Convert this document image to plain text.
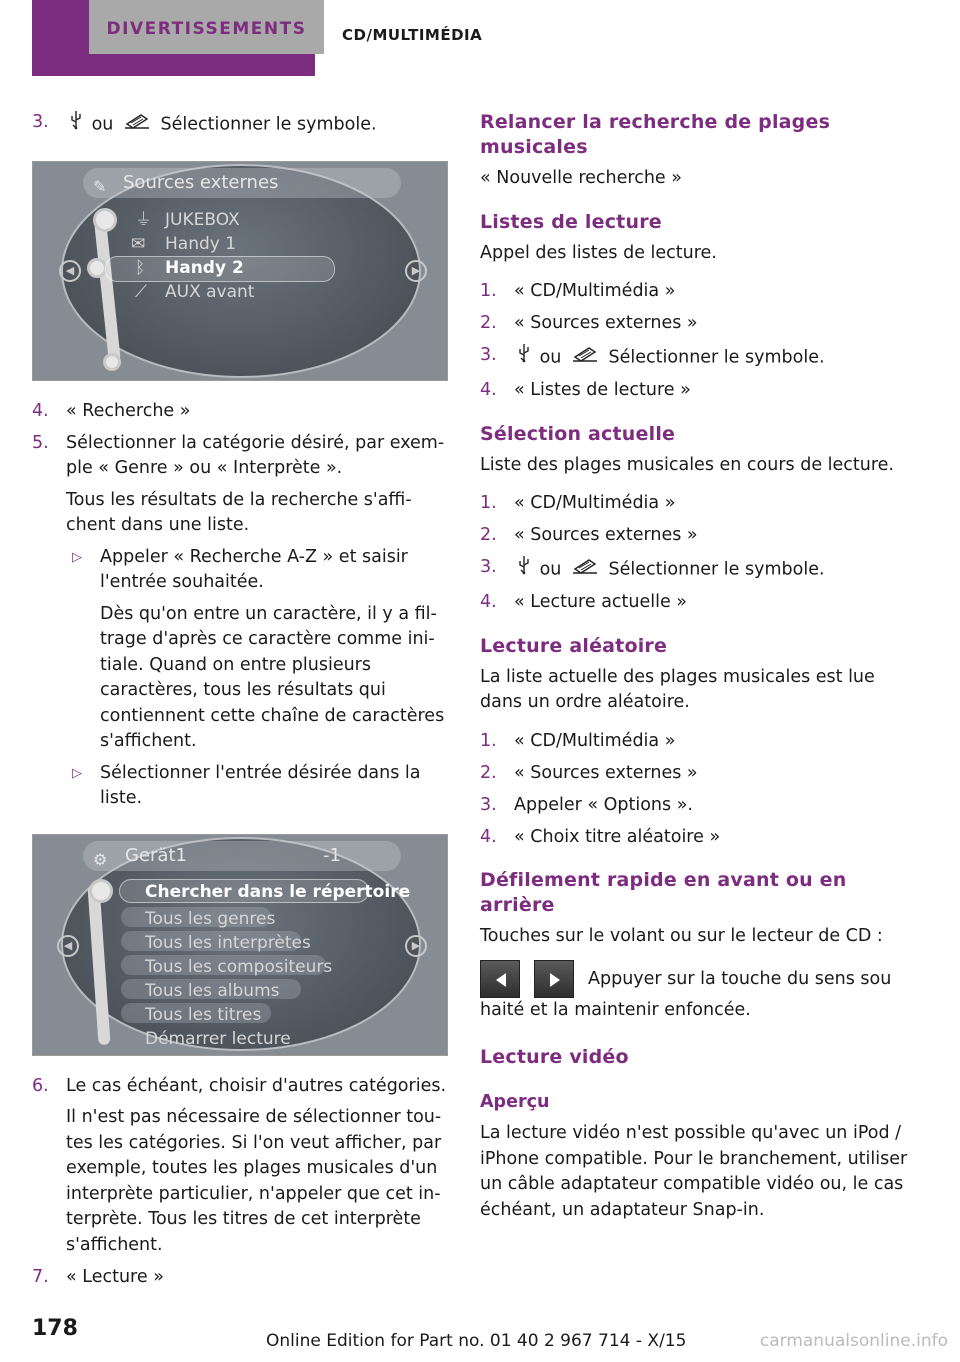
DIVERTISSEMENTS	CD/MULTIMÉDIA
3. ou	Sélectionner le symbole.
Sources externes
✎
⏚ JUKEBOX
✉ Handy 1
ᛒ Handy 2
⟋ AUX avant
◀	▶
4. « Recherche »
5. Sélectionner la catégorie désiré, par exemple « Genre » ou « Interprète ».
Tous les résultats de la recherche s'affichent dans une liste.
▷ Appeler « Recherche A-Z » et saisir l'entrée souhaitée.
Dès qu'on entre un caractère, il y a filtrage d'après ce caractère comme initiale. Quand on entre plusieurs caractères, tous les résultats qui contiennent cette chaîne de caractères s'affichent.
▷ Sélectionner l'entrée désirée dans la liste.
Gerät1	-1
⚙
Chercher dans le répertoire
Tous les genres
Tous les interprètes
Tous les compositeurs
Tous les albums
Tous les titres
Démarrer lecture
◀	▶
6. Le cas échéant, choisir d'autres catégories.
Il n'est pas nécessaire de sélectionner toutes les catégories. Si l'on veut afficher, par exemple, toutes les plages musicales d'un interprète particulier, n'appeler que cet interprète. Tous les titres de cet interprète s'affichent.
7. « Lecture »
Relancer la recherche de plages musicales
« Nouvelle recherche »
Listes de lecture
Appel des listes de lecture.
1. « CD/Multimédia »
2. « Sources externes »
3. ou	Sélectionner le symbole.
4. « Listes de lecture »
Sélection actuelle
Liste des plages musicales en cours de lecture.
1. « CD/Multimédia »
2. « Sources externes »
3. ou	Sélectionner le symbole.
4. « Lecture actuelle »
Lecture aléatoire
La liste actuelle des plages musicales est lue dans un ordre aléatoire.
1. « CD/Multimédia »
2. « Sources externes »
3. Appeler « Options ».
4. « Choix titre aléatoire »
Défilement rapide en avant ou en arrière
Touches sur le volant ou sur le lecteur de CD :
Appuyer sur la touche du sens sou
haité et la maintenir enfoncée.
Lecture vidéo
Aperçu
La lecture vidéo n'est possible qu'avec un iPod / iPhone compatible. Pour le branchement, utiliser un câble adaptateur compatible vidéo ou, le cas échéant, un adaptateur Snap-in.
178	Online Edition for Part no. 01 40 2 967 714 - X/15	carmanualsonline.info
